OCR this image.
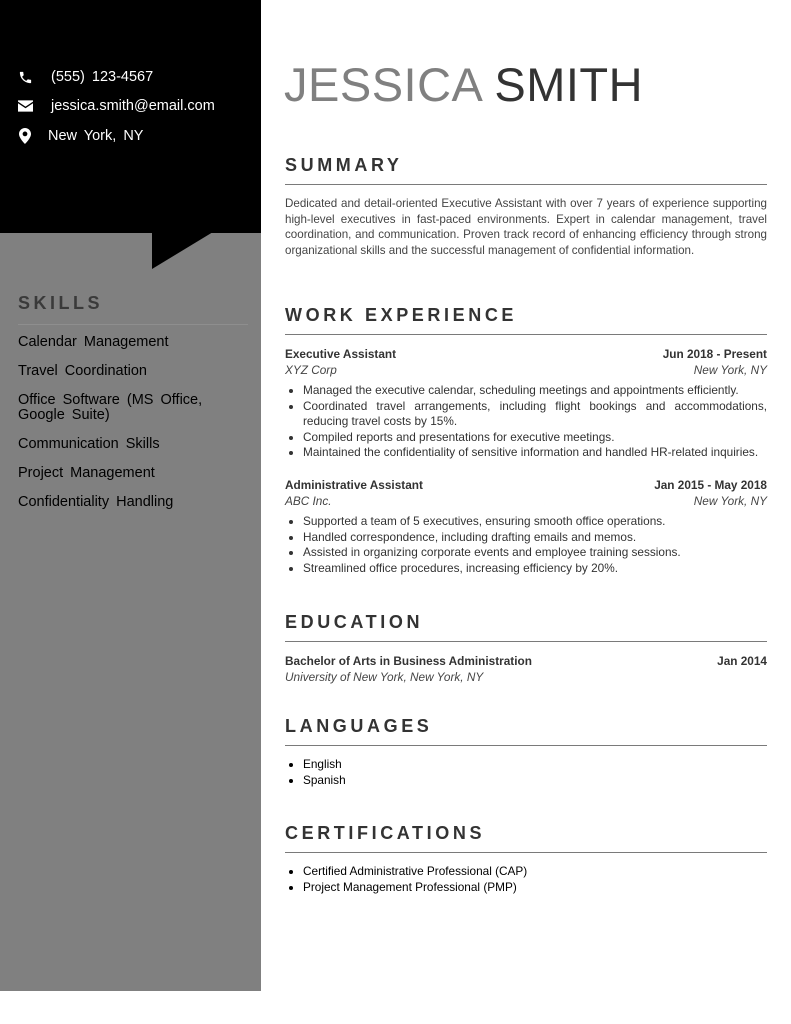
(555) 123-4567
jessica.smith@email.com
New York, NY
SKILLS
Calendar Management
Travel Coordination
Office Software (MS Office, Google Suite)
Communication Skills
Project Management
Confidentiality Handling
JESSICA SMITH
SUMMARY
Dedicated and detail-oriented Executive Assistant with over 7 years of experience supporting high-level executives in fast-paced environments. Expert in calendar management, travel coordination, and communication. Proven track record of enhancing efficiency through strong organizational skills and the successful management of confidential information.
WORK EXPERIENCE
Executive Assistant	Jun 2018 - Present
XYZ Corp	New York, NY
• Managed the executive calendar, scheduling meetings and appointments efficiently.
• Coordinated travel arrangements, including flight bookings and accommodations, reducing travel costs by 15%.
• Compiled reports and presentations for executive meetings.
• Maintained the confidentiality of sensitive information and handled HR-related inquiries.
Administrative Assistant	Jan 2015 - May 2018
ABC Inc.	New York, NY
• Supported a team of 5 executives, ensuring smooth office operations.
• Handled correspondence, including drafting emails and memos.
• Assisted in organizing corporate events and employee training sessions.
• Streamlined office procedures, increasing efficiency by 20%.
EDUCATION
Bachelor of Arts in Business Administration	Jan 2014
University of New York, New York, NY
LANGUAGES
• English
• Spanish
CERTIFICATIONS
• Certified Administrative Professional (CAP)
• Project Management Professional (PMP)
